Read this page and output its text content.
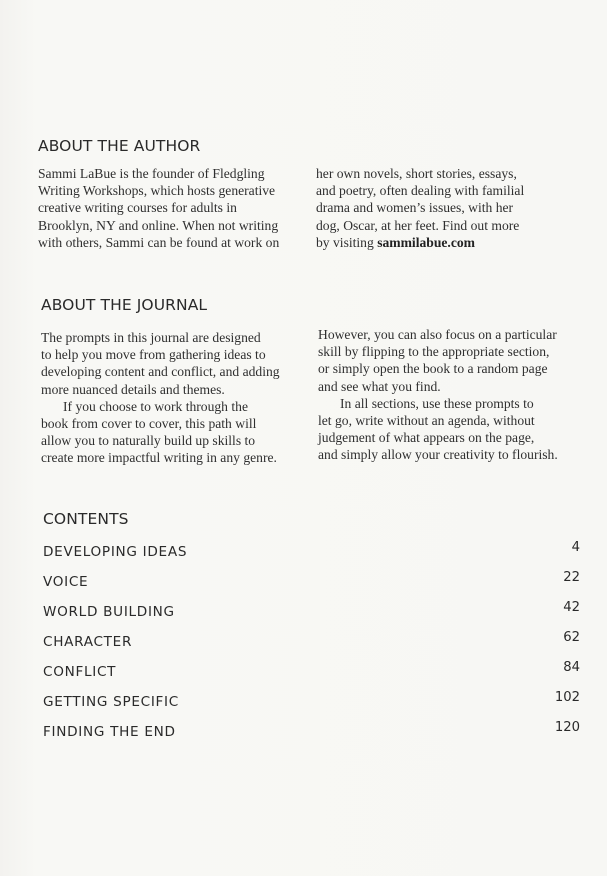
ABOUT THE AUTHOR

Sammi LaBue is the founder of Fledgling

Writing Workshops, which hosts generative

creative writing courses for adults in

Brooklyn, NY and online. When not writing

with others, Sammi can be found at work on

her own novels, short stories, essays,

and poetry, often dealing with familial

drama and women’s issues, with her

dog, Oscar, at her feet. Find out more

by visiting sammilabue.com

ABOUT THE JOURNAL

The prompts in this journal are designed

to help you move from gathering ideas to

developing content and conflict, and adding

more nuanced details and themes.

If you choose to work through the

book from cover to cover, this path will

allow you to naturally build up skills to

create more impactful writing in any genre.

However, you can also focus on a particular

skill by flipping to the appropriate section,

or simply open the book to a random page

and see what you find.

In all sections, use these prompts to

let go, write without an agenda, without

judgement of what appears on the page,

and simply allow your creativity to flourish.

CONTENTS
DEVELOPING IDEAS	4
VOICE	22
WORLD BUILDING	42
CHARACTER	62
CONFLICT	84
GETTING SPECIFIC	102
FINDING THE END	120
